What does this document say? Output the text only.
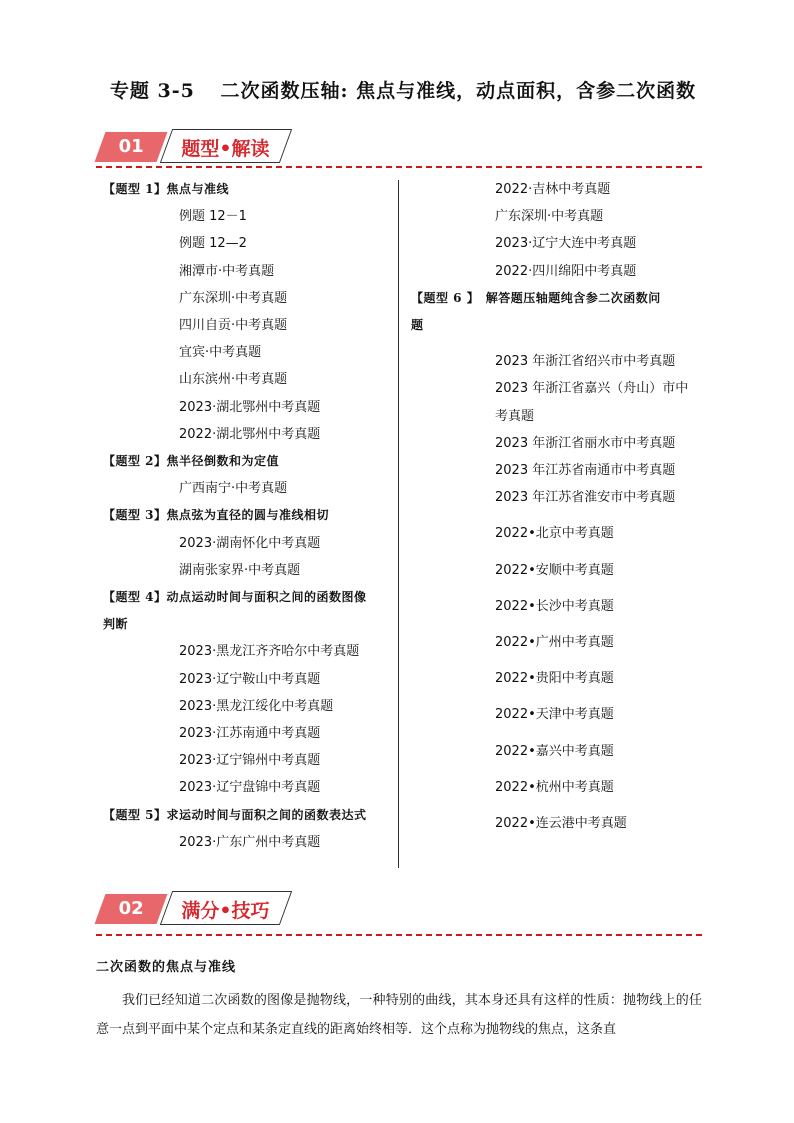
专题 3-5 二次函数压轴: 焦点与准线，动点面积，含参二次函数
01	题型•解读
【题型 1】焦点与准线
例题 12－1
例题 12—2
湘潭市·中考真题
广东深圳·中考真题
四川自贡·中考真题
宜宾·中考真题
山东滨州·中考真题
2023·湖北鄂州中考真题
2022·湖北鄂州中考真题
【题型 2】焦半径倒数和为定值
广西南宁·中考真题
【题型 3】焦点弦为直径的圆与准线相切
2023·湖南怀化中考真题
湖南张家界·中考真题
【题型 4】动点运动时间与面积之间的函数图像
判断
2023·黑龙江齐齐哈尔中考真题
2023·辽宁鞍山中考真题
2023·黑龙江绥化中考真题
2023·江苏南通中考真题
2023·辽宁锦州中考真题
2023·辽宁盘锦中考真题
【题型 5】求运动时间与面积之间的函数表达式
2023·广东广州中考真题
2022·吉林中考真题
广东深圳·中考真题
2023·辽宁大连中考真题
2022·四川绵阳中考真题
【题型 6 】　解答题压轴题纯含参二次函数问
题
2023 年浙江省绍兴市中考真题
2023 年浙江省嘉兴（舟山）市中
考真题
2023 年浙江省丽水市中考真题
2023 年江苏省南通市中考真题
2023 年江苏省淮安市中考真题
2022•北京中考真题
2022•安顺中考真题
2022•长沙中考真题
2022•广州中考真题
2022•贵阳中考真题
2022•天津中考真题
2022•嘉兴中考真题
2022•杭州中考真题
2022•连云港中考真题
02	满分•技巧
二次函数的焦点与准线
我们已经知道二次函数的图像是抛物线，一种特别的曲线，其本身还具有这样的性质：抛物线上的任意一点到平面中某个定点和某条定直线的距离始终相等．这个点称为抛物线的焦点，这条直
